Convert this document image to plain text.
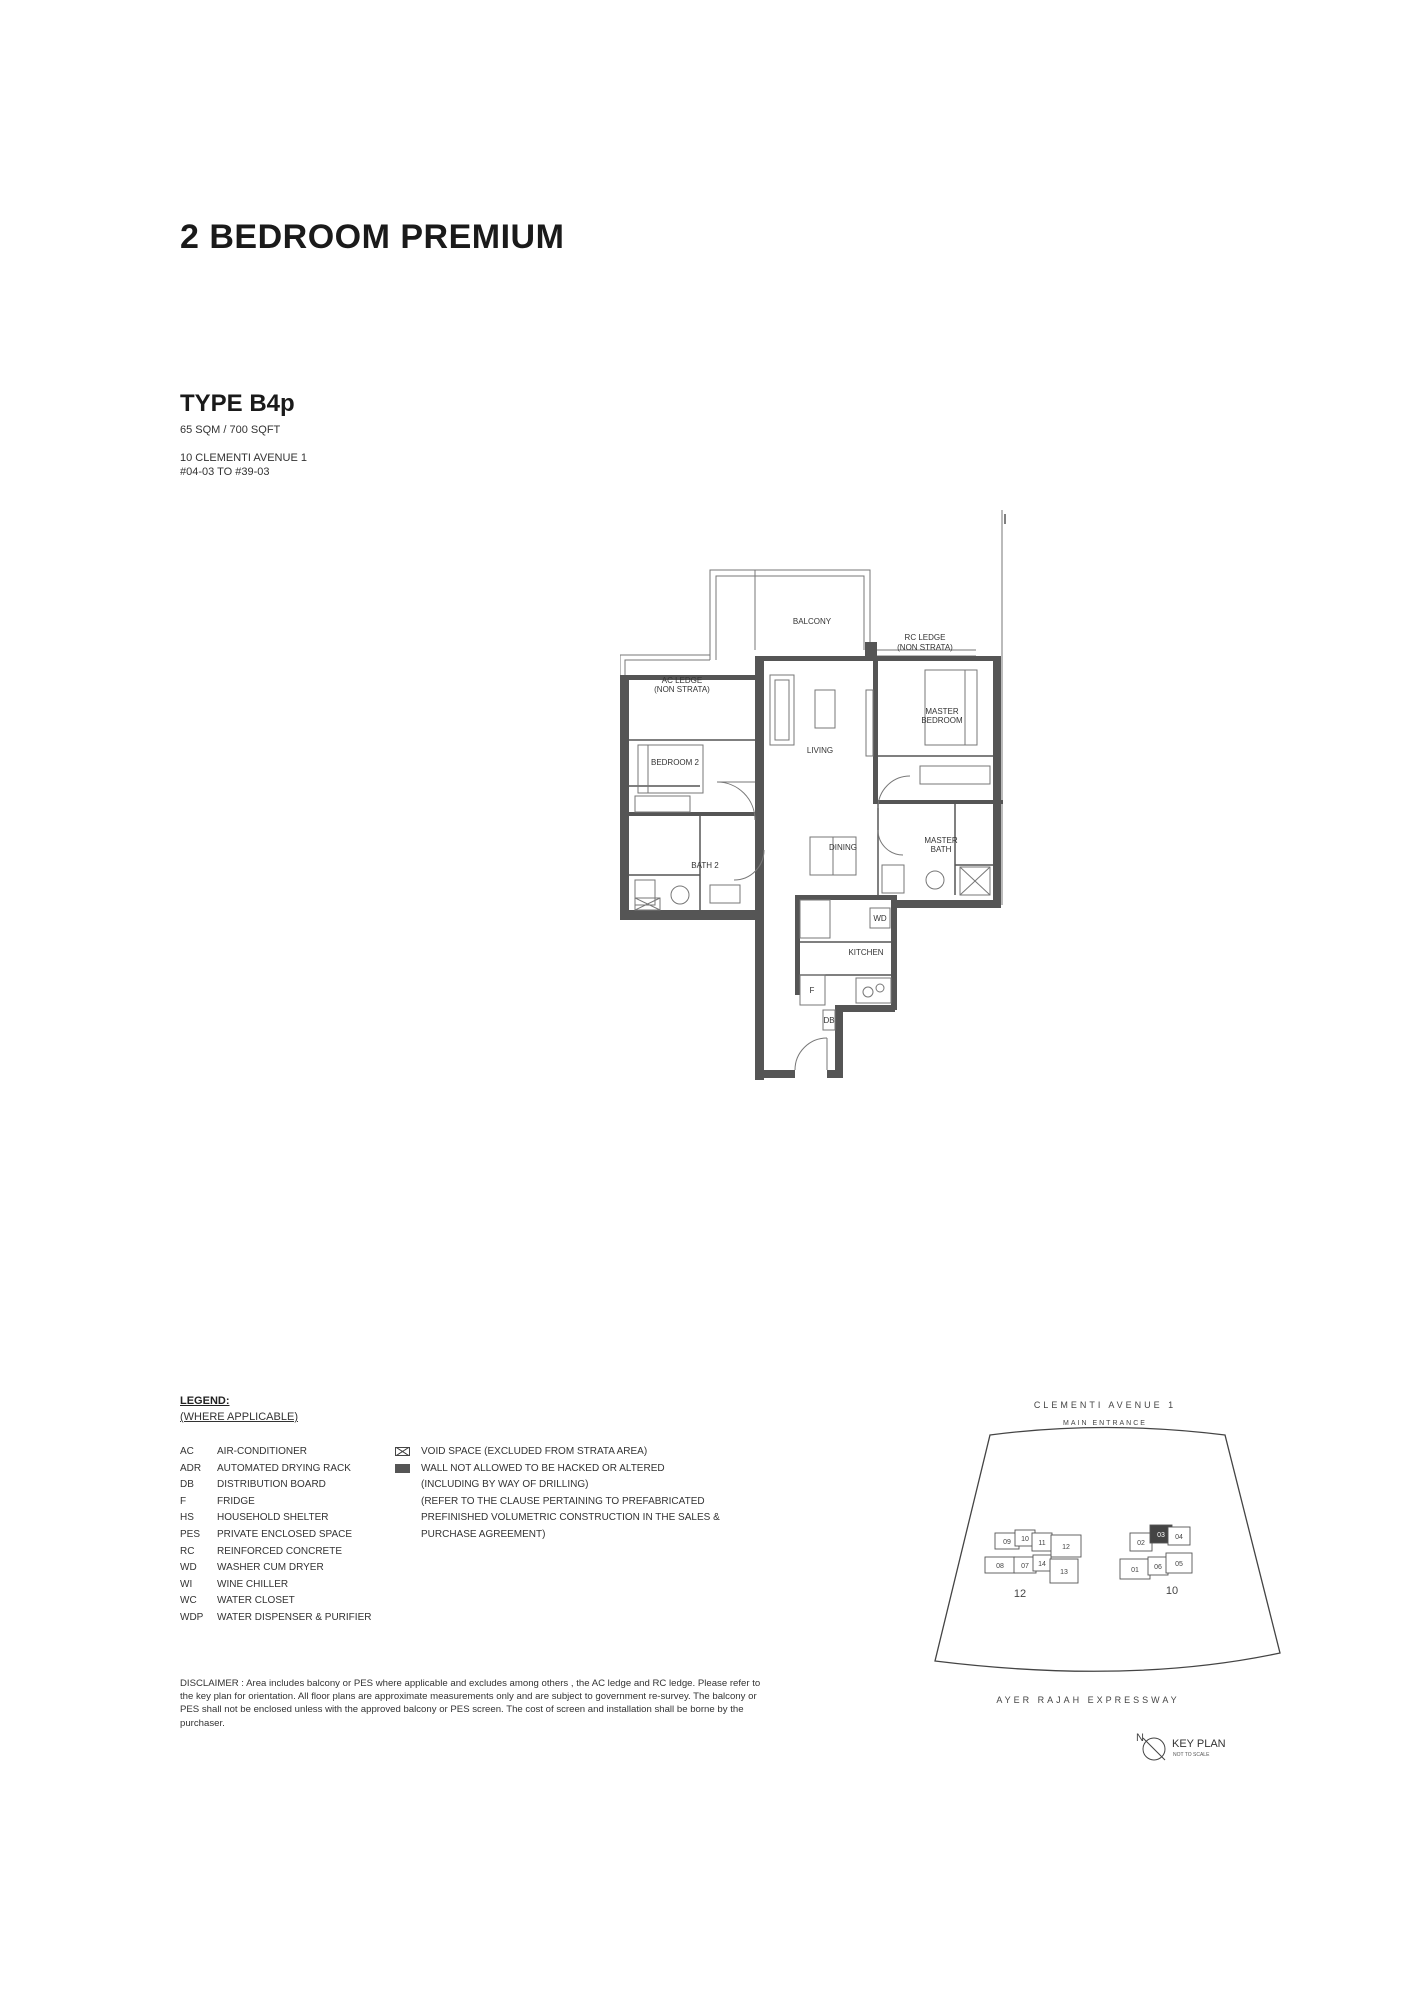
2 BEDROOM PREMIUM
TYPE B4p
65 SQM / 700 SQFT
10 CLEMENTI AVENUE 1
#04-03 TO #39-03
BALCONY
RC LEDGE
(NON STRATA)
AC LEDGE
(NON STRATA)
MASTER
BEDROOM
BEDROOM 2
LIVING
DINING
MASTER
BATH
BATH 2
KITCHEN
WD
F
DB
LEGEND:
(WHERE APPLICABLE)
AC	AIR-CONDITIONER
ADR	AUTOMATED DRYING RACK
DB	DISTRIBUTION BOARD
F	FRIDGE
HS	HOUSEHOLD SHELTER
PES	PRIVATE ENCLOSED SPACE
RC	REINFORCED CONCRETE
WD	WASHER CUM DRYER
WI	WINE CHILLER
WC	WATER CLOSET
WDP	WATER DISPENSER & PURIFIER
VOID SPACE (EXCLUDED FROM STRATA AREA)
WALL NOT ALLOWED TO BE HACKED OR ALTERED
(INCLUDING BY WAY OF DRILLING)
(REFER TO THE CLAUSE PERTAINING TO PREFABRICATED
PREFINISHED VOLUMETRIC CONSTRUCTION IN THE SALES &
PURCHASE AGREEMENT)
DISCLAIMER : Area includes balcony or PES where applicable and excludes among others , the AC ledge and RC ledge. Please refer to the key plan for orientation. All floor plans are approximate measurements only and are subject to government re-survey. The balcony or PES shall not be enclosed unless with the approved balcony or PES screen. The cost of screen and installation shall be borne by the purchaser.
CLEMENTI AVENUE 1
MAIN ENTRANCE
09 10
11
12
08 07 14
13
12
02
03 04
01 06 05
10
AYER RAJAH EXPRESSWAY
N	KEY PLAN
NOT TO SCALE
